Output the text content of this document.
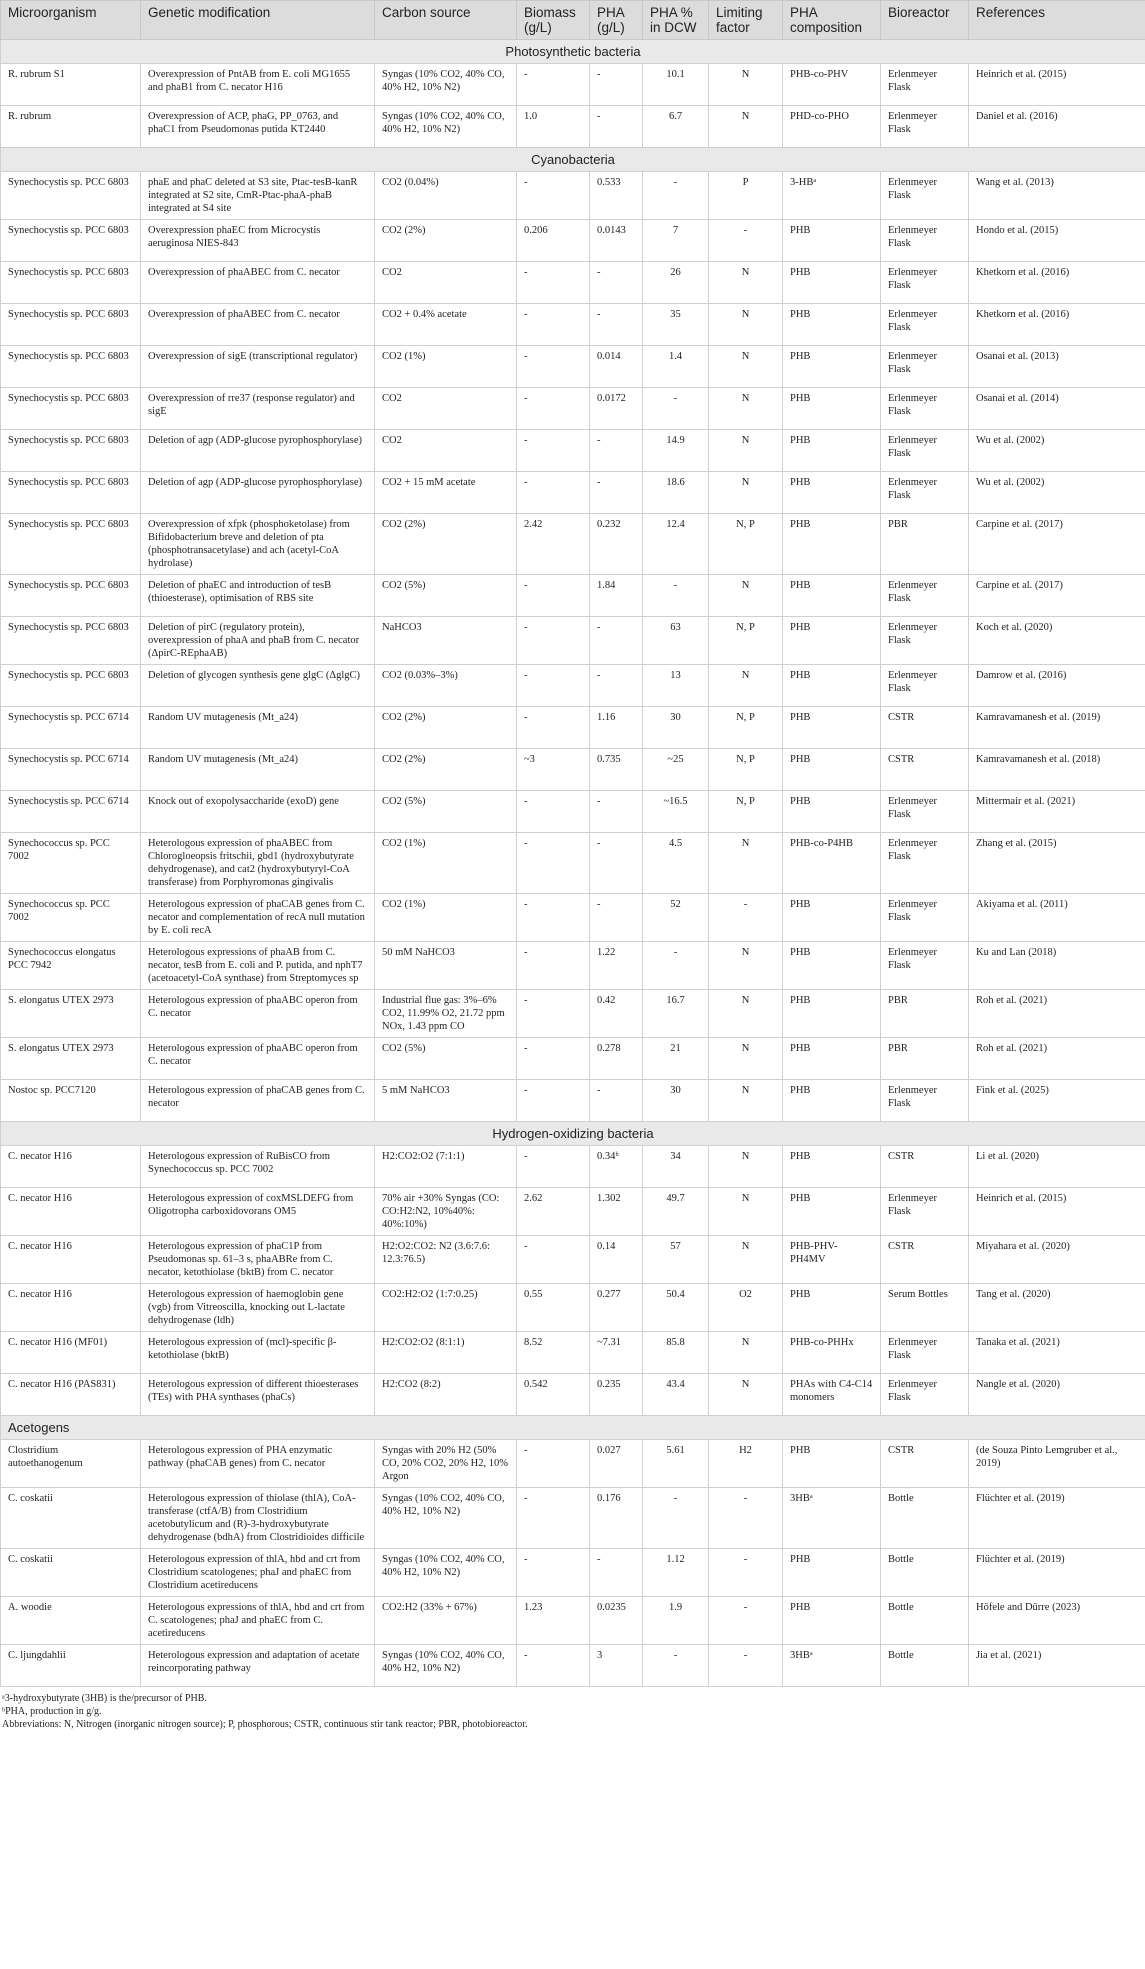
Microorganism	Genetic modification	Carbon source	Biomass (g/L)	PHA (g/L)	PHA % in DCW	Limiting factor	PHA composition	Bioreactor	References
Photosynthetic bacteria									
R. rubrum S1	Overexpression of PntAB from E. coli MG1655 and phaB1 from C. necator H16	Syngas (10% CO2, 40% CO, 40% H2, 10% N2)	-	-	10.1	N	PHB-co-PHV	Erlenmeyer Flask	Heinrich et al. (2015)
R. rubrum	Overexpression of ACP, phaG, PP_0763, and phaC1 from Pseudomonas putida KT2440	Syngas (10% CO2, 40% CO, 40% H2, 10% N2)	1.0	-	6.7	N	PHD-co-PHO	Erlenmeyer Flask	Daniel et al. (2016)
Cyanobacteria									
Synechocystis sp. PCC 6803	phaE and phaC deleted at S3 site, Ptac-tesB-kanR integrated at S2 site, CmR-Ptac-phaA-phaB integrated at S4 site	CO2 (0.04%)	-	0.533	-	P	3-HBᵃ	Erlenmeyer Flask	Wang et al. (2013)
Synechocystis sp. PCC 6803	Overexpression phaEC from Microcystis aeruginosa NIES-843	CO2 (2%)	0.206	0.0143	7	-	PHB	Erlenmeyer Flask	Hondo et al. (2015)
Synechocystis sp. PCC 6803	Overexpression of phaABEC from C. necator	CO2	-	-	26	N	PHB	Erlenmeyer Flask	Khetkorn et al. (2016)
Synechocystis sp. PCC 6803	Overexpression of phaABEC from C. necator	CO2 + 0.4% acetate	-	-	35	N	PHB	Erlenmeyer Flask	Khetkorn et al. (2016)
Synechocystis sp. PCC 6803	Overexpression of sigE (transcriptional regulator)	CO2 (1%)	-	0.014	1.4	N	PHB	Erlenmeyer Flask	Osanai et al. (2013)
Synechocystis sp. PCC 6803	Overexpression of rre37 (response regulator) and sigE	CO2	-	0.0172	-	N	PHB	Erlenmeyer Flask	Osanai et al. (2014)
Synechocystis sp. PCC 6803	Deletion of agp (ADP-glucose pyrophosphorylase)	CO2	-	-	14.9	N	PHB	Erlenmeyer Flask	Wu et al. (2002)
Synechocystis sp. PCC 6803	Deletion of agp (ADP-glucose pyrophosphorylase)	CO2 + 15 mM acetate	-	-	18.6	N	PHB	Erlenmeyer Flask	Wu et al. (2002)
Synechocystis sp. PCC 6803	Overexpression of xfpk (phosphoketolase) from Bifidobacterium breve and deletion of pta (phosphotransacetylase) and ach (acetyl-CoA hydrolase)	CO2 (2%)	2.42	0.232	12.4	N, P	PHB	PBR	Carpine et al. (2017)
Synechocystis sp. PCC 6803	Deletion of phaEC and introduction of tesB (thioesterase), optimisation of RBS site	CO2 (5%)	-	1.84	-	N	PHB	Erlenmeyer Flask	Carpine et al. (2017)
Synechocystis sp. PCC 6803	Deletion of pirC (regulatory protein), overexpression of phaA and phaB from C. necator (ΔpirC-REphaAB)	NaHCO3	-	-	63	N, P	PHB	Erlenmeyer Flask	Koch et al. (2020)
Synechocystis sp. PCC 6803	Deletion of glycogen synthesis gene glgC (ΔglgC)	CO2 (0.03%–3%)	-	-	13	N	PHB	Erlenmeyer Flask	Damrow et al. (2016)
Synechocystis sp. PCC 6714	Random UV mutagenesis (Mt_a24)	CO2 (2%)	-	1.16	30	N, P	PHB	CSTR	Kamravamanesh et al. (2019)
Synechocystis sp. PCC 6714	Random UV mutagenesis (Mt_a24)	CO2 (2%)	~3	0.735	~25	N, P	PHB	CSTR	Kamravamanesh et al. (2018)
Synechocystis sp. PCC 6714	Knock out of exopolysaccharide (exoD) gene	CO2 (5%)	-	-	~16.5	N, P	PHB	Erlenmeyer Flask	Mittermair et al. (2021)
Synechococcus sp. PCC 7002	Heterologous expression of phaABEC from Chlorogloeopsis fritschii, gbd1 (hydroxybutyrate dehydrogenase), and cat2 (hydroxybutyryl-CoA transferase) from Porphyromonas gingivalis	CO2 (1%)	-	-	4.5	N	PHB-co-P4HB	Erlenmeyer Flask	Zhang et al. (2015)
Synechococcus sp. PCC 7002	Heterologous expression of phaCAB genes from C. necator and complementation of recA null mutation by E. coli recA	CO2 (1%)	-	-	52	-	PHB	Erlenmeyer Flask	Akiyama et al. (2011)
Synechococcus elongatus PCC 7942	Heterologous expressions of phaAB from C. necator, tesB from E. coli and P. putida, and nphT7 (acetoacetyl-CoA synthase) from Streptomyces sp	50 mM NaHCO3	-	1.22	-	N	PHB	Erlenmeyer Flask	Ku and Lan (2018)
S. elongatus UTEX 2973	Heterologous expression of phaABC operon from C. necator	Industrial flue gas: 3%–6% CO2, 11.99% O2, 21.72 ppm NOx, 1.43 ppm CO	-	0.42	16.7	N	PHB	PBR	Roh et al. (2021)
S. elongatus UTEX 2973	Heterologous expression of phaABC operon from C. necator	CO2 (5%)	-	0.278	21	N	PHB	PBR	Roh et al. (2021)
Nostoc sp. PCC7120	Heterologous expression of phaCAB genes from C. necator	5 mM NaHCO3	-	-	30	N	PHB	Erlenmeyer Flask	Fink et al. (2025)
Hydrogen-oxidizing bacteria									
C. necator H16	Heterologous expression of RuBisCO from Synechococcus sp. PCC 7002	H2:CO2:O2 (7:1:1)	-	0.34ᵇ	34	N	PHB	CSTR	Li et al. (2020)
C. necator H16	Heterologous expression of coxMSLDEFG from Oligotropha carboxidovorans OM5	70% air +30% Syngas (CO: CO:H2:N2, 10%40%: 40%:10%)	2.62	1.302	49.7	N	PHB	Erlenmeyer Flask	Heinrich et al. (2015)
C. necator H16	Heterologous expression of phaC1P from Pseudomonas sp. 61–3 s, phaABRe from C. necator, ketothiolase (bktB) from C. necator	H2:O2:CO2: N2 (3.6:7.6: 12.3:76.5)	-	0.14	57	N	PHB-PHV-PH4MV	CSTR	Miyahara et al. (2020)
C. necator H16	Heterologous expression of haemoglobin gene (vgb) from Vitreoscilla, knocking out L-lactate dehydrogenase (ldh)	CO2:H2:O2 (1:7:0.25)	0.55	0.277	50.4	O2	PHB	Serum Bottles	Tang et al. (2020)
C. necator H16 (MF01)	Heterologous expression of (mcl)-specific β-ketothiolase (bktB)	H2:CO2:O2 (8:1:1)	8.52	~7.31	85.8	N	PHB-co-PHHx	Erlenmeyer Flask	Tanaka et al. (2021)
C. necator H16 (PAS831)	Heterologous expression of different thioesterases (TEs) with PHA synthases (phaCs)	H2:CO2 (8:2)	0.542	0.235	43.4	N	PHAs with C4-C14 monomers	Erlenmeyer Flask	Nangle et al. (2020)
Acetogens									
Clostridium autoethanogenum	Heterologous expression of PHA enzymatic pathway (phaCAB genes) from C. necator	Syngas with 20% H2 (50% CO, 20% CO2, 20% H2, 10% Argon	-	0.027	5.61	H2	PHB	CSTR	(de Souza Pinto Lemgruber et al., 2019)
C. coskatii	Heterologous expression of thiolase (thlA), CoA-transferase (ctfA/B) from Clostridium acetobutylicum and (R)-3-hydroxybutyrate dehydrogenase (bdhA) from Clostridioides difficile	Syngas (10% CO2, 40% CO, 40% H2, 10% N2)	-	0.176	-	-	3HBᵃ	Bottle	Flüchter et al. (2019)
C. coskatii	Heterologous expression of thlA, hbd and crt from Clostridium scatologenes; phaJ and phaEC from Clostridium acetireducens	Syngas (10% CO2, 40% CO, 40% H2, 10% N2)	-	-	1.12	-	PHB	Bottle	Flüchter et al. (2019)
A. woodie	Heterologous expressions of thlA, hbd and crt from C. scatologenes; phaJ and phaEC from C. acetireducens	CO2:H2 (33% + 67%)	1.23	0.0235	1.9	-	PHB	Bottle	Höfele and Dürre (2023)
C. ljungdahlii	Heterologous expression and adaptation of acetate reincorporating pathway	Syngas (10% CO2, 40% CO, 40% H2, 10% N2)	-	3	-	-	3HBᵃ	Bottle	Jia et al. (2021)
ᵃ3-hydroxybutyrate (3HB) is the/precursor of PHB.
ᵇPHA, production in g/g.
Abbreviations: N, Nitrogen (inorganic nitrogen source); P, phosphorous; CSTR, continuous stir tank reactor; PBR, photobioreactor.
